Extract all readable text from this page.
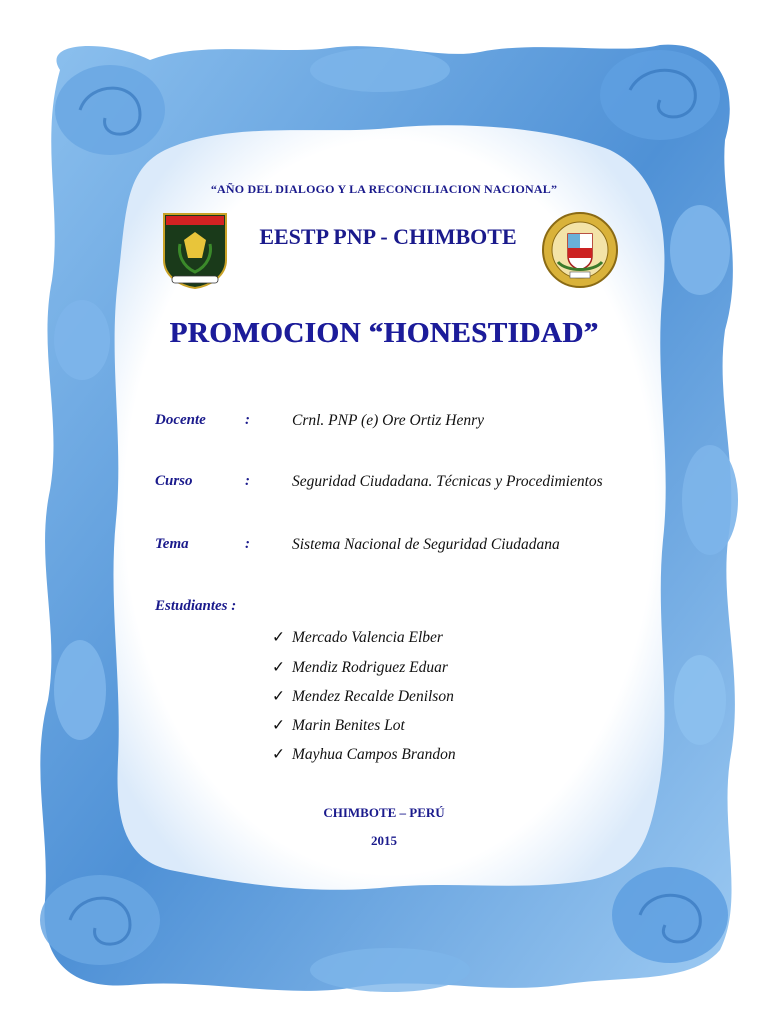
“AÑO DEL DIALOGO Y LA RECONCILIACION NACIONAL”
EESTP PNP - CHIMBOTE
PROMOCION “HONESTIDAD”
Docente	:	Crnl. PNP (e) Ore Ortiz Henry
Curso	:	Seguridad Ciudadana. Técnicas y Procedimientos
Tema	:	Sistema Nacional de Seguridad Ciudadana
Estudiantes :
✓ Mercado Valencia Elber
✓ Mendiz Rodriguez Eduar
✓ Mendez Recalde Denilson
✓ Marin Benites Lot
✓ Mayhua Campos Brandon
CHIMBOTE – PERÚ
2015
